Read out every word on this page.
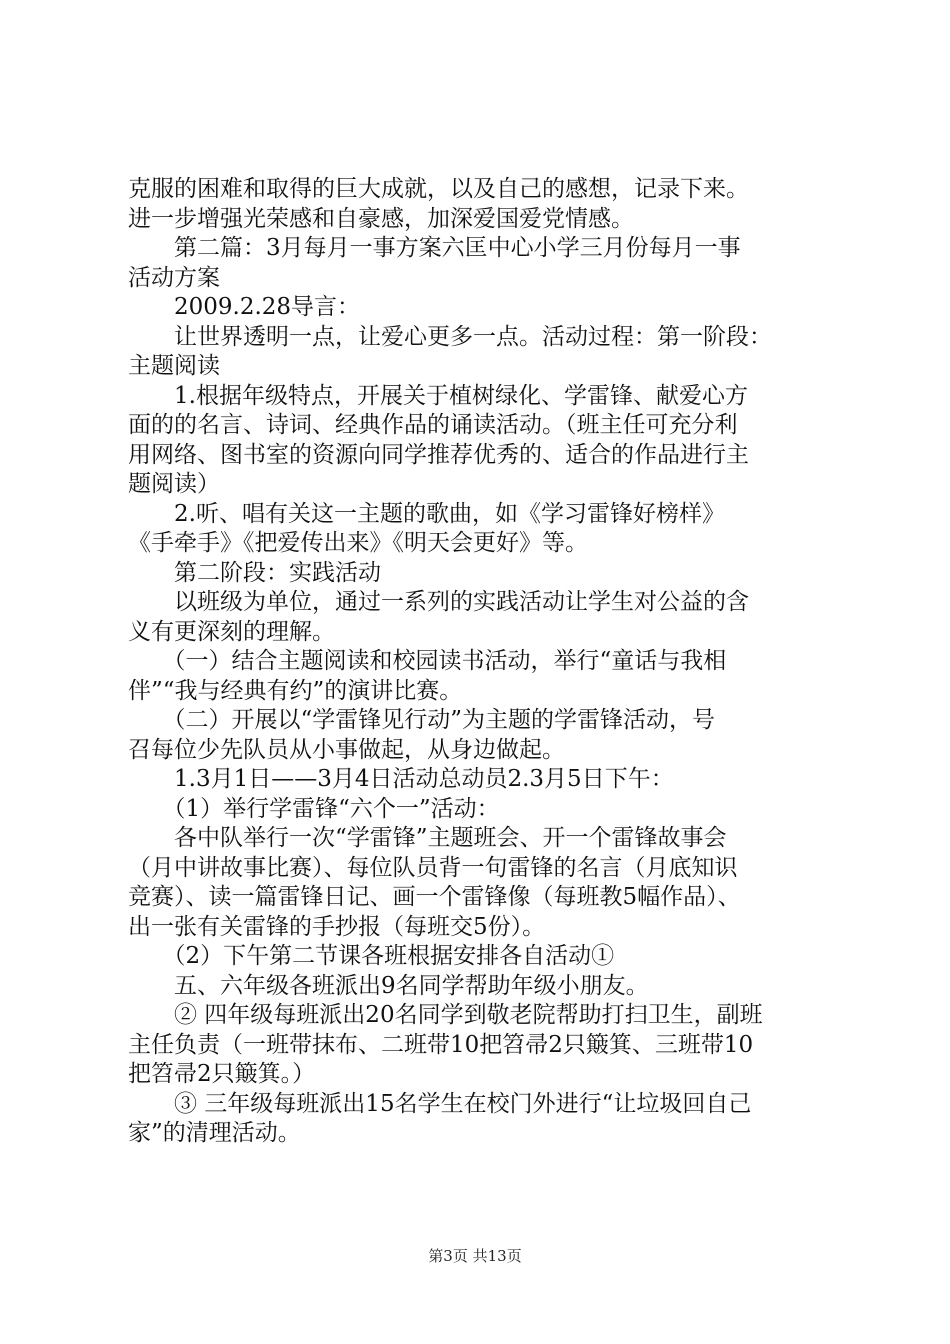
克服的困难和取得的巨大成就，以及自己的感想，记录下来。
进一步增强光荣感和自豪感，加深爱国爱党情感。
　　第二篇：3月每月一事方案六匡中心小学三月份每月一事
活动方案
　　2009.2.28导言：
　　让世界透明一点，让爱心更多一点。活动过程：第一阶段：
主题阅读
　　1.根据年级特点，开展关于植树绿化、学雷锋、献爱心方
面的的名言、诗词、经典作品的诵读活动。（班主任可充分利
用网络、图书室的资源向同学推荐优秀的、适合的作品进行主
题阅读）
　　2.听、唱有关这一主题的歌曲，如《学习雷锋好榜样》
《手牵手》《把爱传出来》《明天会更好》等。
　　第二阶段：实践活动
　　以班级为单位，通过一系列的实践活动让学生对公益的含
义有更深刻的理解。
　　（一）结合主题阅读和校园读书活动，举行“童话与我相
伴”“我与经典有约”的演讲比赛。
　　（二）开展以“学雷锋见行动”为主题的学雷锋活动，号
召每位少先队员从小事做起，从身边做起。
　　1.3月1日——3月4日活动总动员2.3月5日下午：
　　（1）举行学雷锋“六个一”活动：
　　各中队举行一次“学雷锋”主题班会、开一个雷锋故事会
（月中讲故事比赛）、每位队员背一句雷锋的名言（月底知识
竞赛）、读一篇雷锋日记、画一个雷锋像（每班教5幅作品）、
出一张有关雷锋的手抄报（每班交5份）。
　　（2）下午第二节课各班根据安排各自活动①
　　五、六年级各班派出9名同学帮助年级小朋友。
　　② 四年级每班派出20名同学到敬老院帮助打扫卫生，副班
主任负责（一班带抹布、二班带10把笤帚2只簸箕、三班带10
把笤帚2只簸箕。）
　　③ 三年级每班派出15名学生在校门外进行“让垃圾回自己
家”的清理活动。
第3页 共13页
